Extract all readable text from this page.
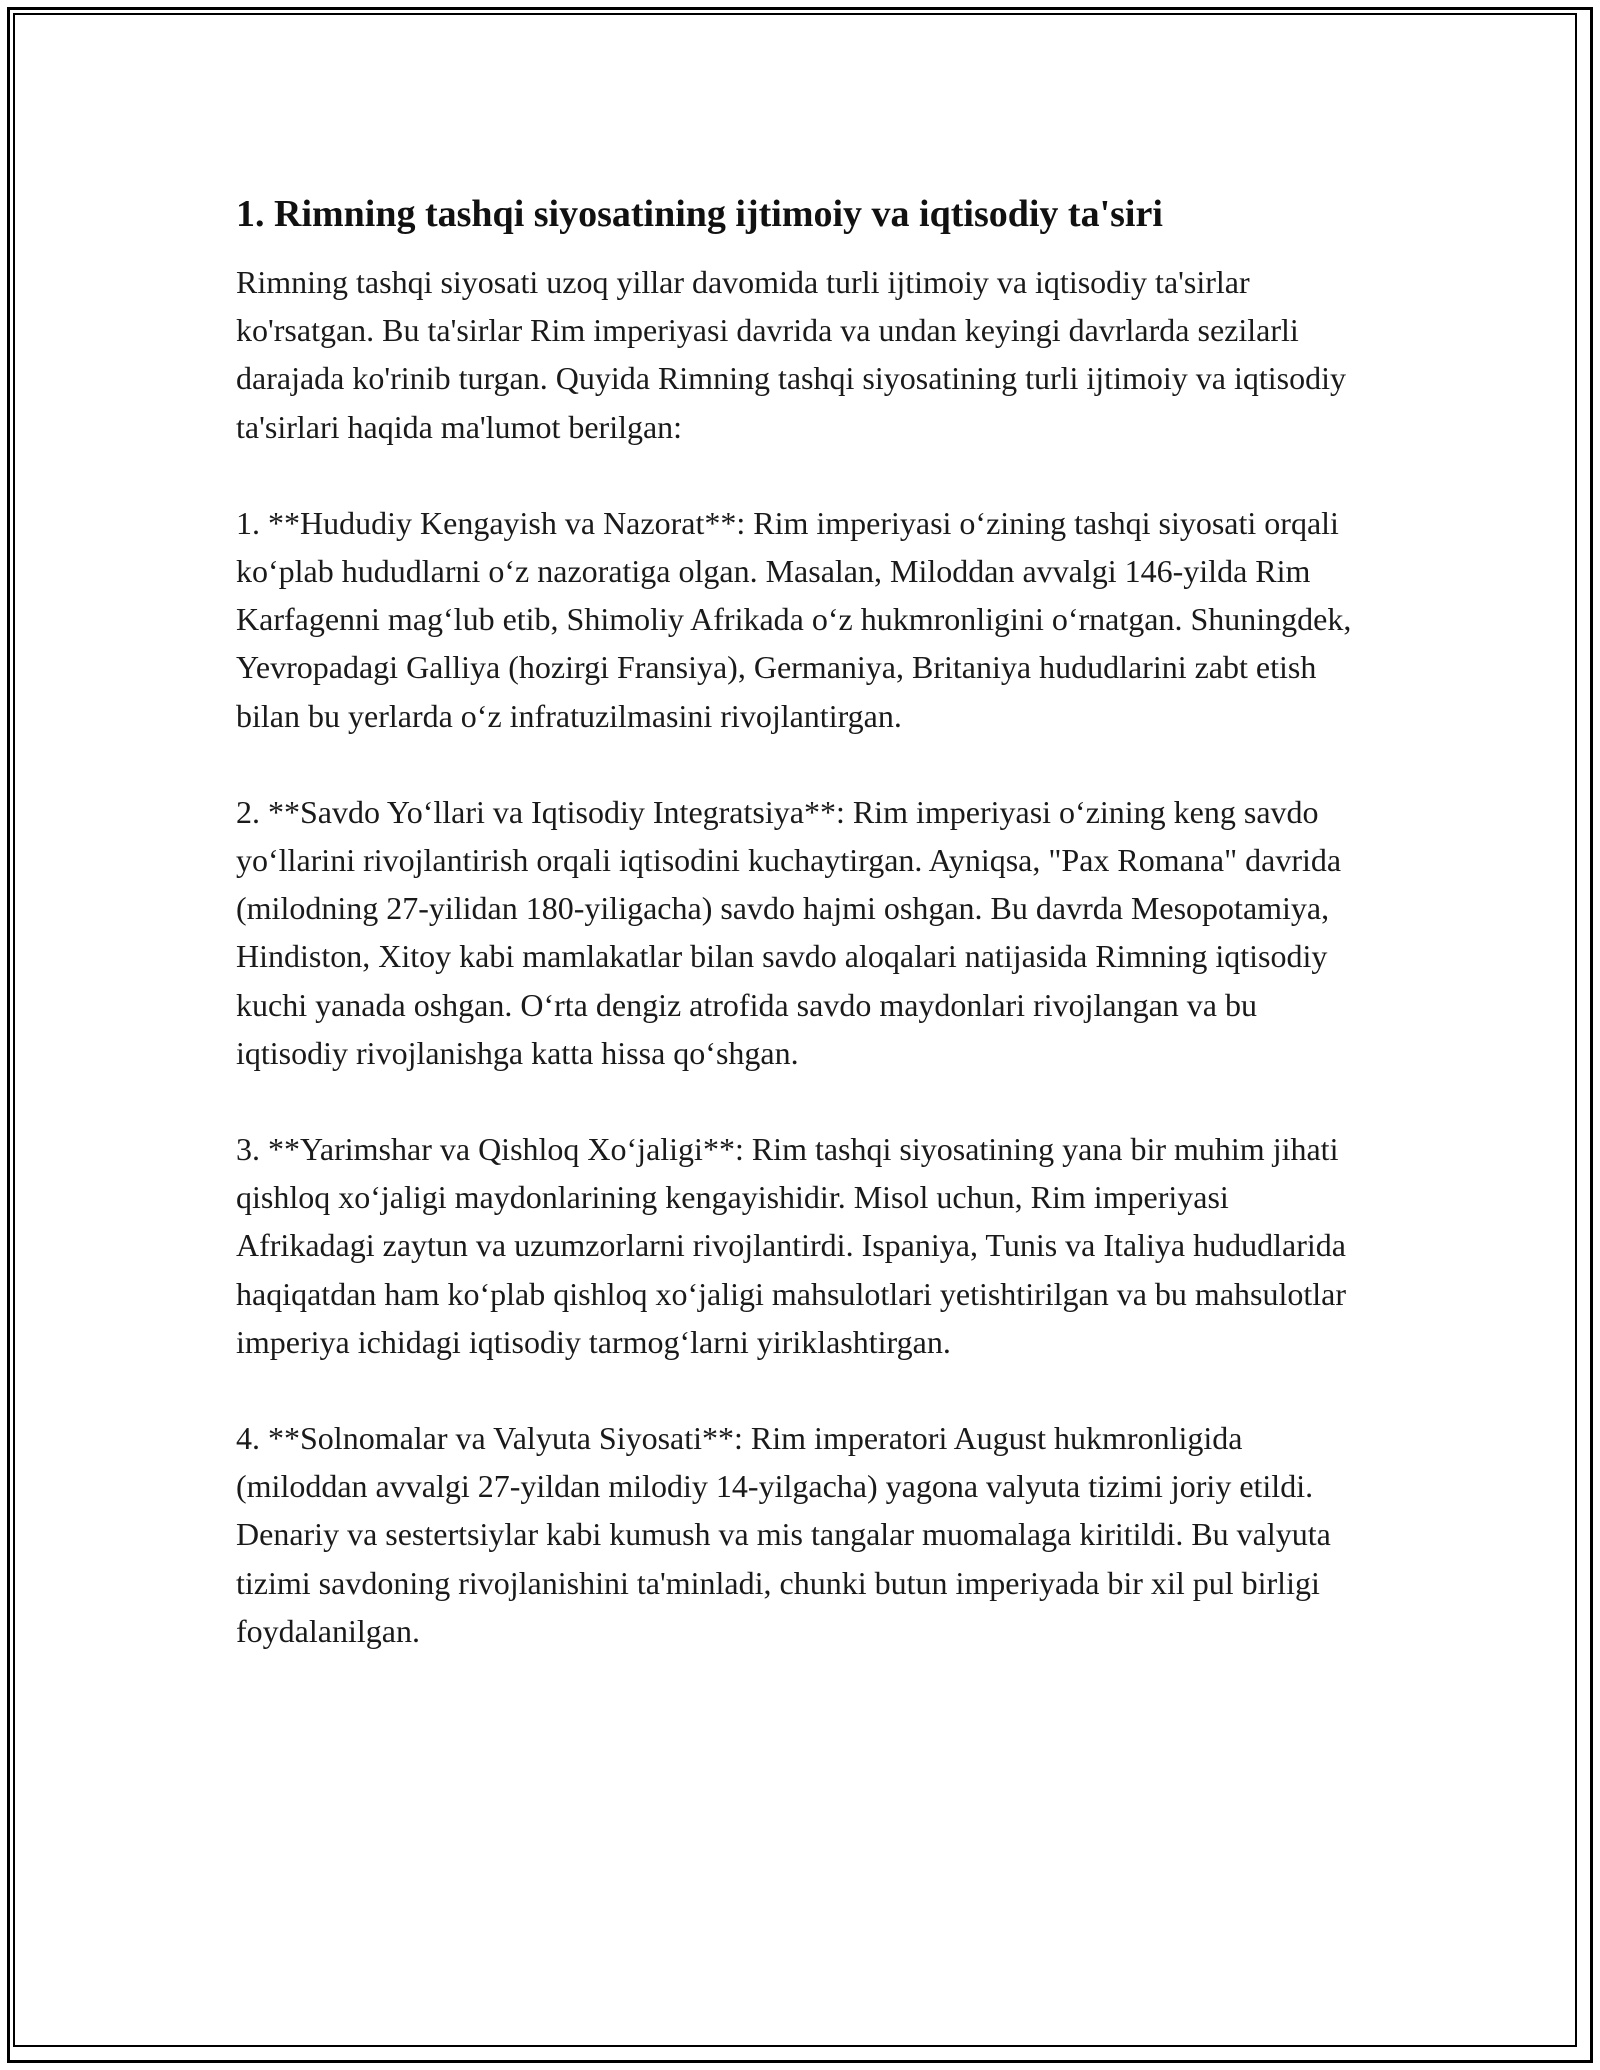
1. Rimning tashqi siyosatining ijtimoiy va iqtisodiy ta'siri

Rimning tashqi siyosati uzoq yillar davomida turli ijtimoiy va iqtisodiy ta'sirlar ko'rsatgan. Bu ta'sirlar Rim imperiyasi davrida va undan keyingi davrlarda sezilarli darajada ko'rinib turgan. Quyida Rimning tashqi siyosatining turli ijtimoiy va iqtisodiy ta'sirlari haqida ma'lumot berilgan:

1. **Hududiy Kengayish va Nazorat**: Rim imperiyasi o‘zining tashqi siyosati orqali ko‘plab hududlarni o‘z nazoratiga olgan. Masalan, Miloddan avvalgi 146-yilda Rim Karfagenni mag‘lub etib, Shimoliy Afrikada o‘z hukmronligini o‘rnatgan. Shuningdek, Yevropadagi Galliya (hozirgi Fransiya), Germaniya, Britaniya hududlarini zabt etish bilan bu yerlarda o‘z infratuzilmasini rivojlantirgan.

2. **Savdo Yo‘llari va Iqtisodiy Integratsiya**: Rim imperiyasi o‘zining keng savdo yo‘llarini rivojlantirish orqali iqtisodini kuchaytirgan. Ayniqsa, "Pax Romana" davrida (milodning 27-yilidan 180-yiligacha) savdo hajmi oshgan. Bu davrda Mesopotamiya, Hindiston, Xitoy kabi mamlakatlar bilan savdo aloqalari natijasida Rimning iqtisodiy kuchi yanada oshgan. O‘rta dengiz atrofida savdo maydonlari rivojlangan va bu iqtisodiy rivojlanishga katta hissa qo‘shgan.

3. **Yarimshar va Qishloq Xo‘jaligi**: Rim tashqi siyosatining yana bir muhim jihati qishloq xo‘jaligi maydonlarining kengayishidir. Misol uchun, Rim imperiyasi Afrikadagi zaytun va uzumzorlarni rivojlantirdi. Ispaniya, Tunis va Italiya hududlarida haqiqatdan ham ko‘plab qishloq xo‘jaligi mahsulotlari yetishtirilgan va bu mahsulotlar imperiya ichidagi iqtisodiy tarmog‘larni yiriklashtirgan.

4. **Solnomalar va Valyuta Siyosati**: Rim imperatori August hukmronligida (miloddan avvalgi 27-yildan milodiy 14-yilgacha) yagona valyuta tizimi joriy etildi. Denariy va sestertsiylar kabi kumush va mis tangalar muomalaga kiritildi. Bu valyuta tizimi savdoning rivojlanishini ta'minladi, chunki butun imperiyada bir xil pul birligi foydalanilgan.
